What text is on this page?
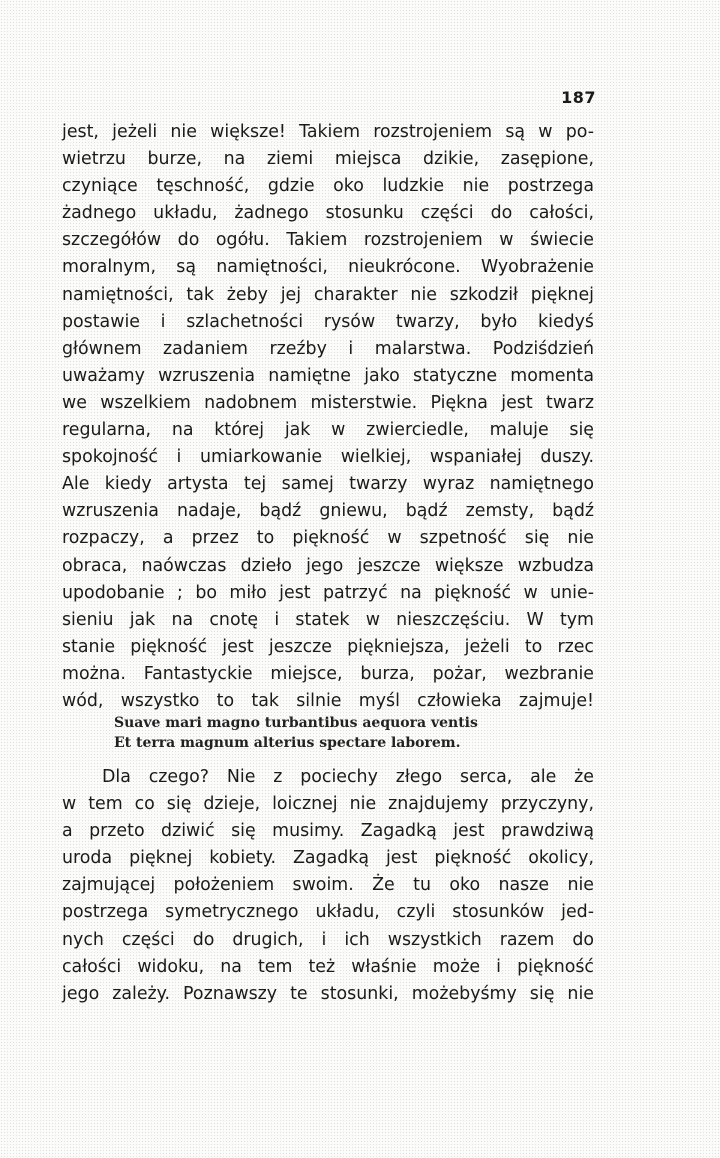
187
jest, jeżeli nie większe! Takiem rozstrojeniem są w po-
wietrzu burze, na ziemi miejsca dzikie, zasępione,
czyniące tęschność, gdzie oko ludzkie nie postrzega
żadnego układu, żadnego stosunku części do całości,
szczegółów do ogółu. Takiem rozstrojeniem w świecie
moralnym, są namiętności, nieukrócone. Wyobrażenie
namiętności, tak żeby jej charakter nie szkodził pięknej
postawie i szlachetności rysów twarzy, było kiedyś
głównem zadaniem rzeźby i malarstwa. Podziśdzień
uważamy wzruszenia namiętne jako statyczne momenta
we wszelkiem nadobnem misterstwie. Piękna jest twarz
regularna, na której jak w zwierciedle, maluje się
spokojność i umiarkowanie wielkiej, wspaniałej duszy.
Ale kiedy artysta tej samej twarzy wyraz namiętnego
wzruszenia nadaje, bądź gniewu, bądź zemsty, bądź
rozpaczy, a przez to piękność w szpetność się nie
obraca, naówczas dzieło jego jeszcze większe wzbudza
upodobanie ; bo miło jest patrzyć na piękność w unie-
sieniu jak na cnotę i statek w nieszczęściu. W tym
stanie piękność jest jeszcze piękniejsza, jeżeli to rzec
można. Fantastyckie miejsce, burza, pożar, wezbranie
wód, wszystko to tak silnie myśl człowieka zajmuje!
Suave mari magno turbantibus aequora ventis
Et terra magnum alterius spectare laborem.
Dla czego? Nie z pociechy złego serca, ale że
w tem co się dzieje, loicznej nie znajdujemy przyczyny,
a przeto dziwić się musimy. Zagadką jest prawdziwą
uroda pięknej kobiety. Zagadką jest piękność okolicy,
zajmującej położeniem swoim. Że tu oko nasze nie
postrzega symetrycznego układu, czyli stosunków jed-
nych części do drugich, i ich wszystkich razem do
całości widoku, na tem też właśnie może i piękność
jego zależy. Poznawszy te stosunki, możebyśmy się nie
